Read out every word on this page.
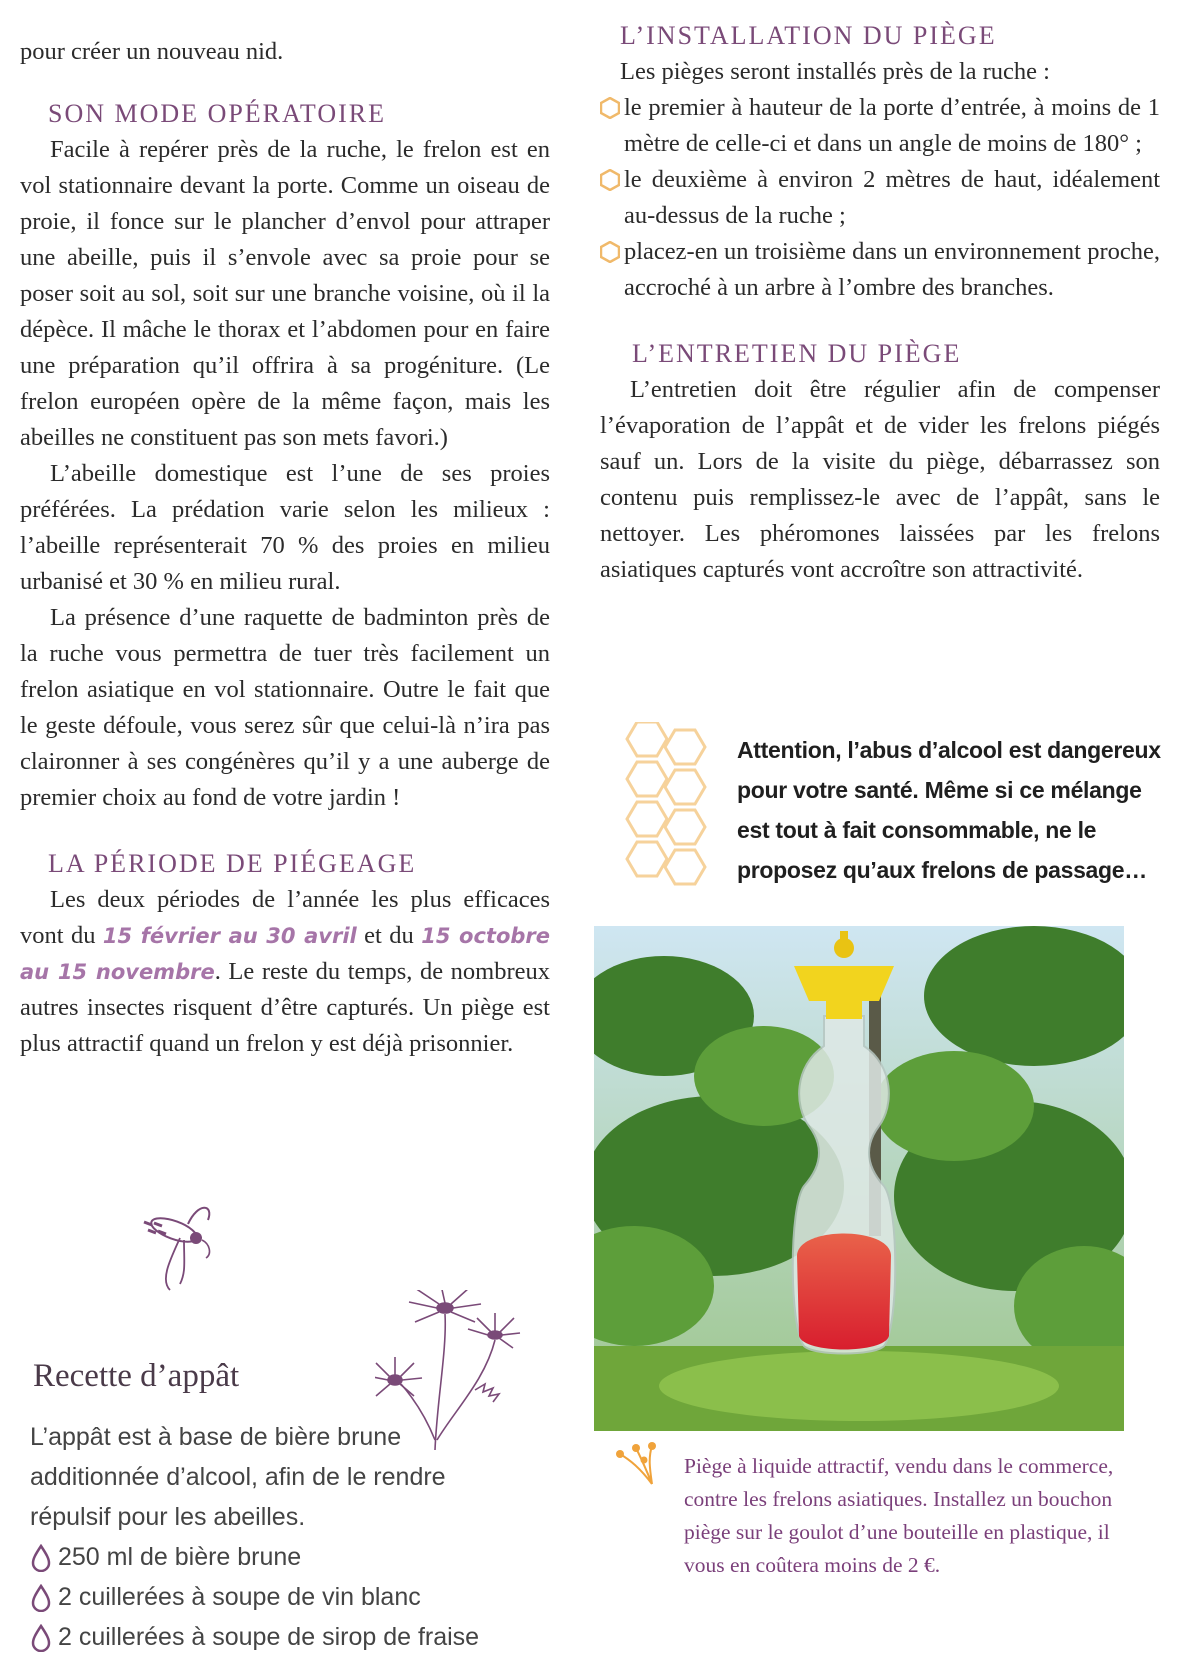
pour créer un nouveau nid.

SON MODE OPÉRATOIRE

Facile à repérer près de la ruche, le frelon est en vol stationnaire devant la porte. Comme un oiseau de proie, il fonce sur le plancher d’envol pour attraper une abeille, puis il s’envole avec sa proie pour se poser soit au sol, soit sur une branche voisine, où il la dépèce. Il mâche le thorax et l’abdomen pour en faire une préparation qu’il offrira à sa progéniture. (Le frelon européen opère de la même façon, mais les abeilles ne constituent pas son mets favori.)

L’abeille domestique est l’une de ses proies préférées. La prédation varie selon les milieux : l’abeille représenterait 70 % des proies en milieu urbanisé et 30 % en milieu rural.

La présence d’une raquette de badminton près de la ruche vous permettra de tuer très facilement un frelon asiatique en vol stationnaire. Outre le fait que le geste défoule, vous serez sûr que celui-là n’ira pas claironner à ses congénères qu’il y a une auberge de premier choix au fond de votre jardin !

LA PÉRIODE DE PIÉGEAGE

Les deux périodes de l’année les plus efficaces vont du 15 février au 30 avril et du 15 octobre au 15 novembre. Le reste du temps, de nombreux autres insectes risquent d’être capturés. Un piège est plus attractif quand un frelon y est déjà prisonnier.

Recette d’appât
L’appât est à base de bière brune additionnée d’alcool, afin de le rendre répulsif pour les abeilles.
250 ml de bière brune
2 cuillerées à soupe de vin blanc
2 cuillerées à soupe de sirop de fraise
L’INSTALLATION DU PIÈGE

Les pièges seront installés près de la ruche :

le premier à hauteur de la porte d’entrée, à moins de 1 mètre de celle-ci et dans un angle de moins de 180° ;
le deuxième à environ 2 mètres de haut, idéalement au-dessus de la ruche ;
placez-en un troisième dans un environnement proche, accroché à un arbre à l’ombre des branches.
L’ENTRETIEN DU PIÈGE

L’entretien doit être régulier afin de compenser l’évaporation de l’appât et de vider les frelons piégés sauf un. Lors de la visite du piège, débarrassez son contenu puis remplissez-le avec de l’appât, sans le nettoyer. Les phéromones laissées par les frelons asiatiques capturés vont accroître son attractivité.

Attention, l’abus d’alcool est dangereux pour votre santé. Même si ce mélange est tout à fait consommable, ne le proposez qu’aux frelons de passage…
Piège à liquide attractif, vendu dans le commerce, contre les frelons asiatiques. Installez un bouchon piège sur le goulot d’une bouteille en plastique, il vous en coûtera moins de 2 €.
